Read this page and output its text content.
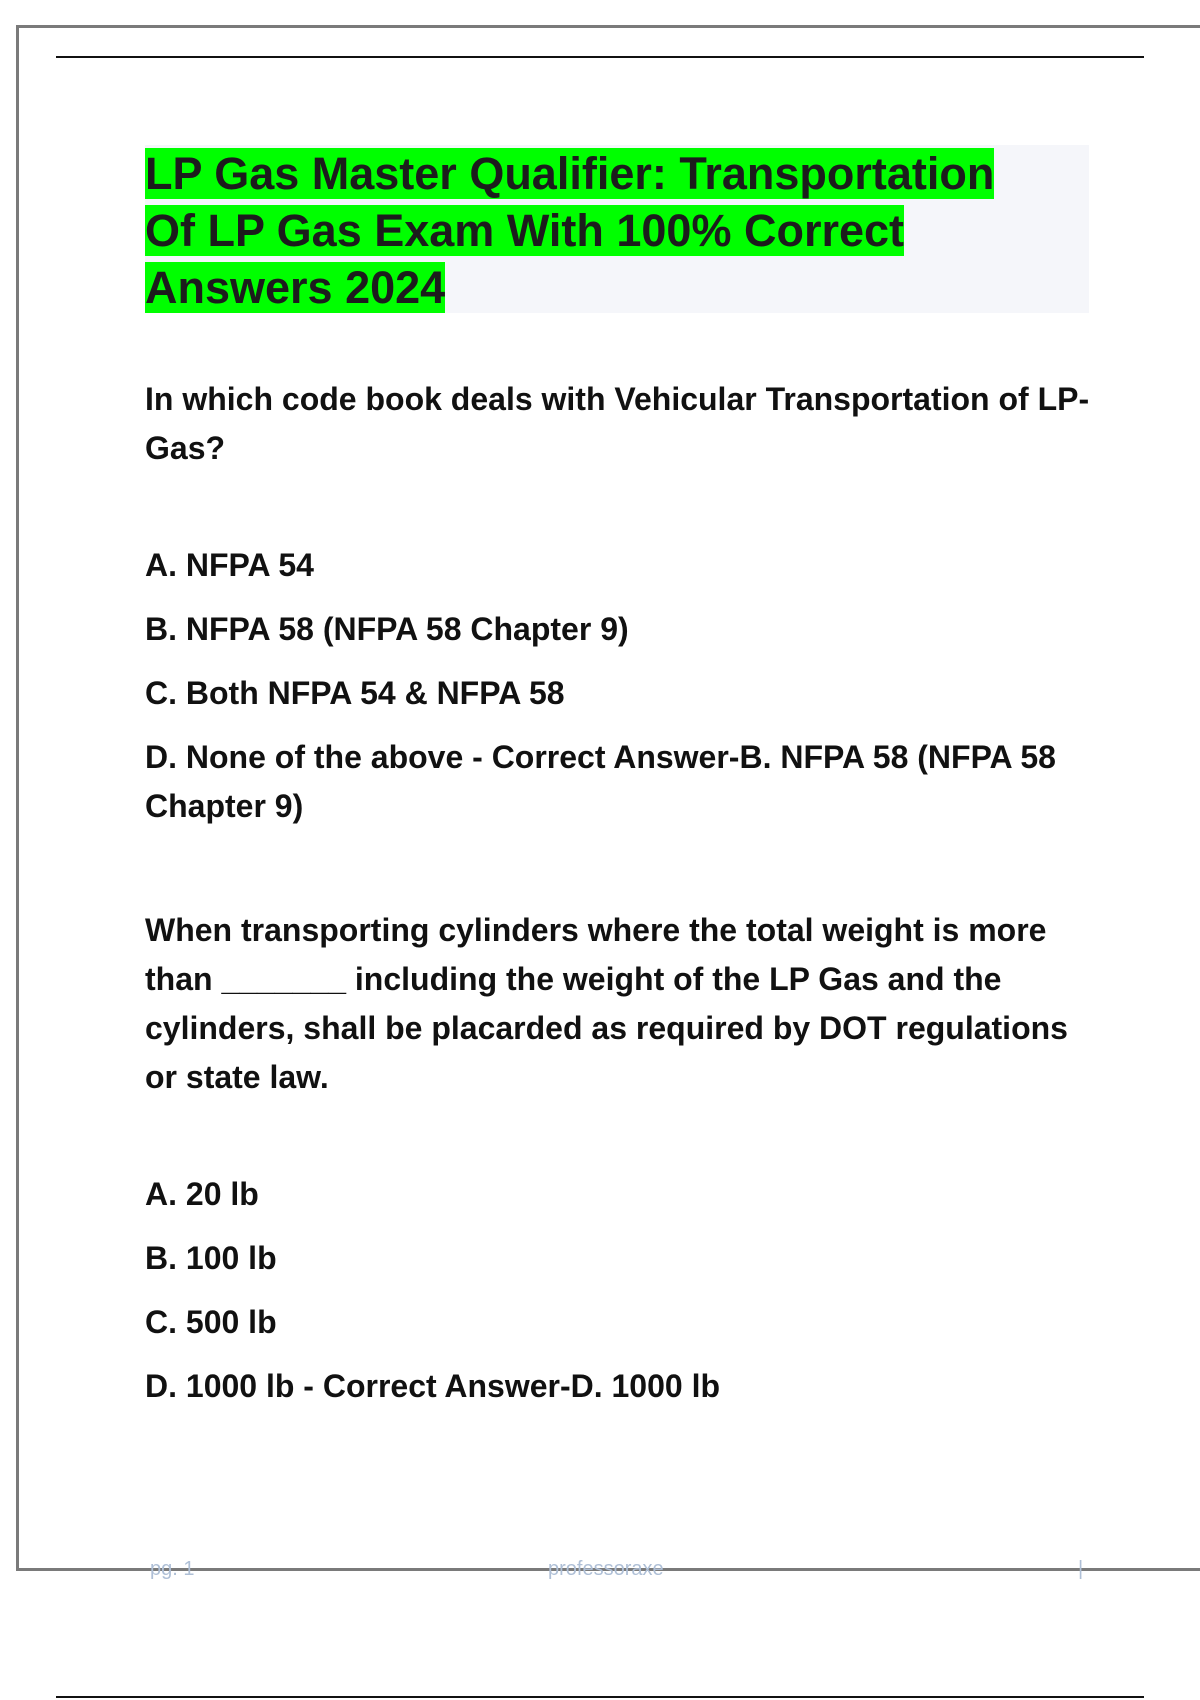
LP Gas Master Qualifier: Transportation
Of LP Gas Exam With 100% Correct
Answers 2024

In which code book deals with Vehicular Transportation of LP-Gas?

A. NFPA 54
B. NFPA 58 (NFPA 58 Chapter 9)
C. Both NFPA 54 & NFPA 58
D. None of the above - Correct Answer-B. NFPA 58 (NFPA 58 Chapter 9)

When transporting cylinders where the total weight is more than _______ including the weight of the LP Gas and the cylinders, shall be placarded as required by DOT regulations or state law.

A. 20 lb
B. 100 lb
C. 500 lb
D. 1000 lb - Correct Answer-D. 1000 lb
pg. 1	professoraxe	|
